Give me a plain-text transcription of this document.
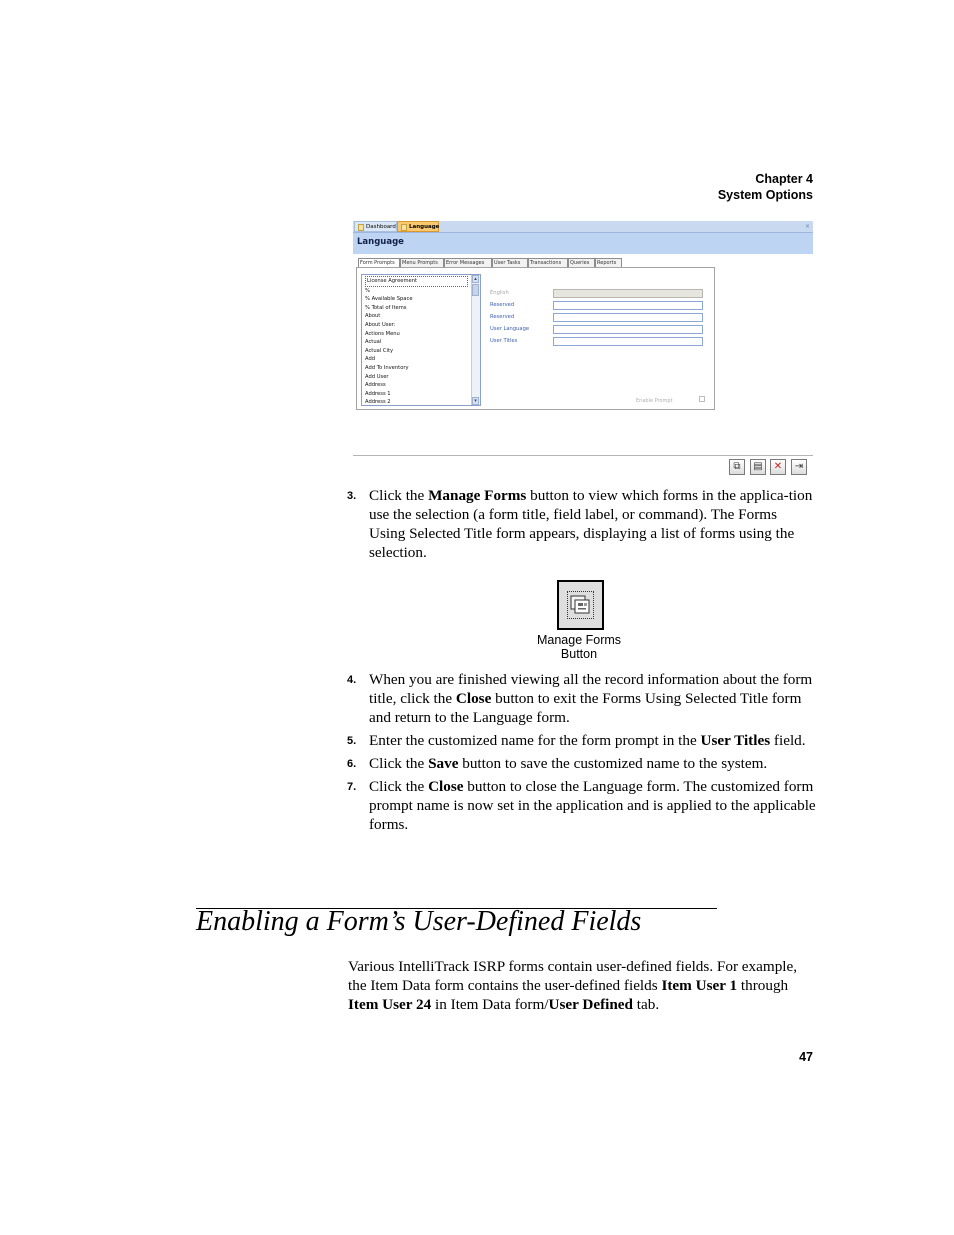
Chapter 4
System Options
Dashboard	Language	×
Language
Form Prompts	Menu Prompts	Error Messages	User Tasks	Transactions	Queries	Reports
License Agreement
%
% Available Space
% Total of Items
About
About User:
Actions Menu
Actual
Actual City
Add
Add To Inventory
Add User
Address
Address 1
Address 2
▴
▾
English
Reserved
Reserved
User Language
User Titles
Enable Prompt
⧉	▤	✕	⇥
3. Click the Manage Forms button to view which forms in the applica-tion use the selection (a form title, field label, or command). The Forms Using Selected Title form appears, displaying a list of forms using the selection.
Manage Forms
Button
4. When you are finished viewing all the record information about the form title, click the Close button to exit the Forms Using Selected Title form and return to the Language form.
5. Enter the customized name for the form prompt in the User Titles field.
6. Click the Save button to save the customized name to the system.
7. Click the Close button to close the Language form. The customized form prompt name is now set in the application and is applied to the applicable forms.
Enabling a Form’s User-Defined Fields

Various IntelliTrack ISRP forms contain user-defined fields. For example, the Item Data form contains the user-defined fields Item User 1 through Item User 24 in Item Data form/User Defined tab.

47
